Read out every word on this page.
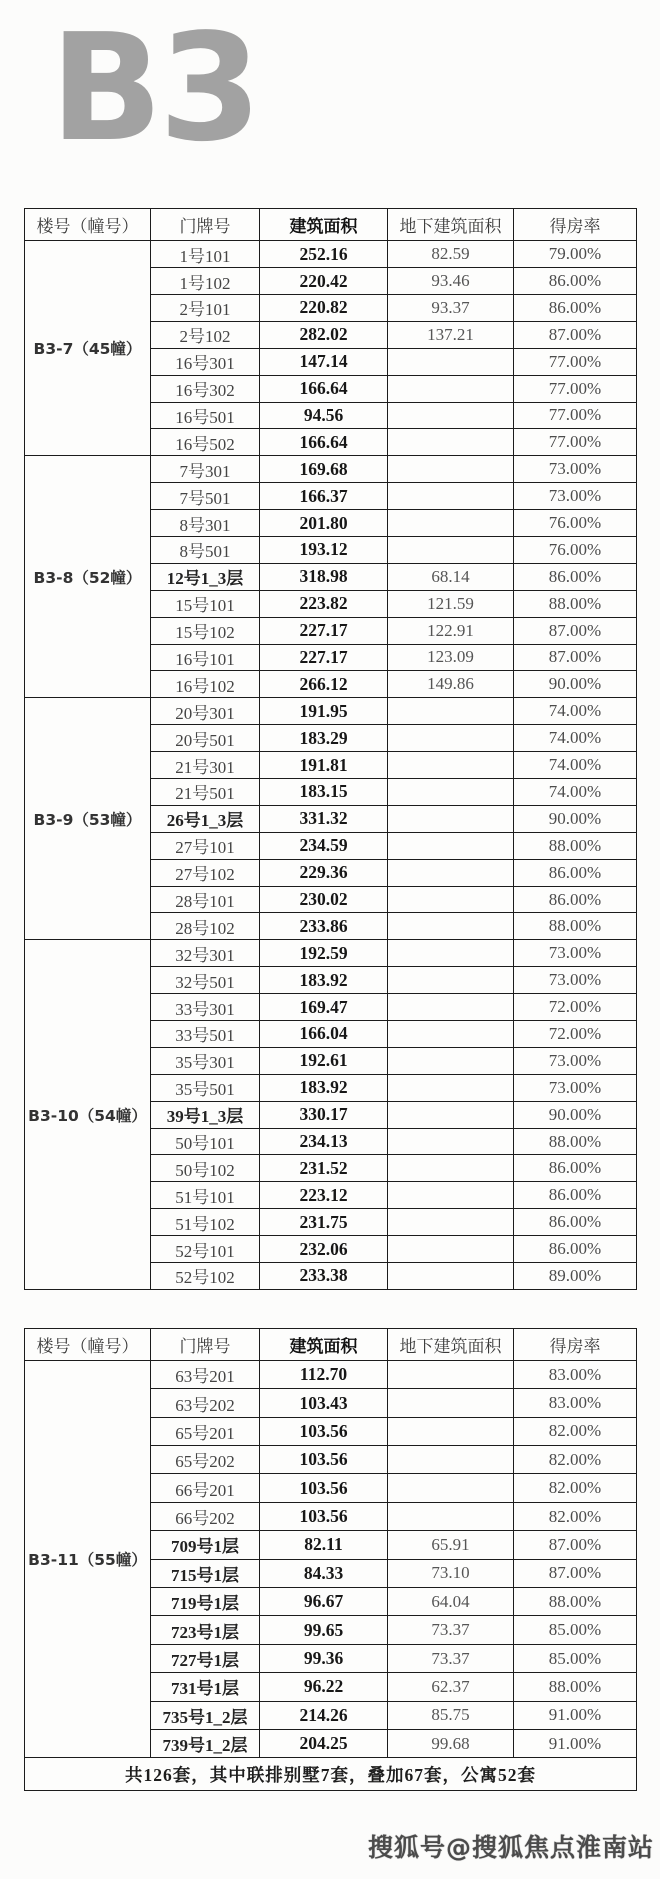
B3
楼号（幢号）	门牌号	建筑面积	地下建筑面积	得房率
B3-7（45幢）	1号101	252.16	82.59	79.00%
	1号102	220.42	93.46	86.00%
	2号101	220.82	93.37	86.00%
	2号102	282.02	137.21	87.00%
	16号301	147.14		77.00%
	16号302	166.64		77.00%
	16号501	94.56		77.00%
	16号502	166.64		77.00%
B3-8（52幢）	7号301	169.68		73.00%
	7号501	166.37		73.00%
	8号301	201.80		76.00%
	8号501	193.12		76.00%
	12号1_3层	318.98	68.14	86.00%
	15号101	223.82	121.59	88.00%
	15号102	227.17	122.91	87.00%
	16号101	227.17	123.09	87.00%
	16号102	266.12	149.86	90.00%
B3-9（53幢）	20号301	191.95		74.00%
	20号501	183.29		74.00%
	21号301	191.81		74.00%
	21号501	183.15		74.00%
	26号1_3层	331.32		90.00%
	27号101	234.59		88.00%
	27号102	229.36		86.00%
	28号101	230.02		86.00%
	28号102	233.86		88.00%
B3-10（54幢）	32号301	192.59		73.00%
	32号501	183.92		73.00%
	33号301	169.47		72.00%
	33号501	166.04		72.00%
	35号301	192.61		73.00%
	35号501	183.92		73.00%
	39号1_3层	330.17		90.00%
	50号101	234.13		88.00%
	50号102	231.52		86.00%
	51号101	223.12		86.00%
	51号102	231.75		86.00%
	52号101	232.06		86.00%
	52号102	233.38		89.00%
楼号（幢号）	门牌号	建筑面积	地下建筑面积	得房率
B3-11（55幢）	63号201	112.70		83.00%
	63号202	103.43		83.00%
	65号201	103.56		82.00%
	65号202	103.56		82.00%
	66号201	103.56		82.00%
	66号202	103.56		82.00%
	709号1层	82.11	65.91	87.00%
	715号1层	84.33	73.10	87.00%
	719号1层	96.67	64.04	88.00%
	723号1层	99.65	73.37	85.00%
	727号1层	99.36	73.37	85.00%
	731号1层	96.22	62.37	88.00%
	735号1_2层	214.26	85.75	91.00%
	739号1_2层	204.25	99.68	91.00%
共126套，其中联排别墅7套，叠加67套，公寓52套				
搜狐号@搜狐焦点淮南站
